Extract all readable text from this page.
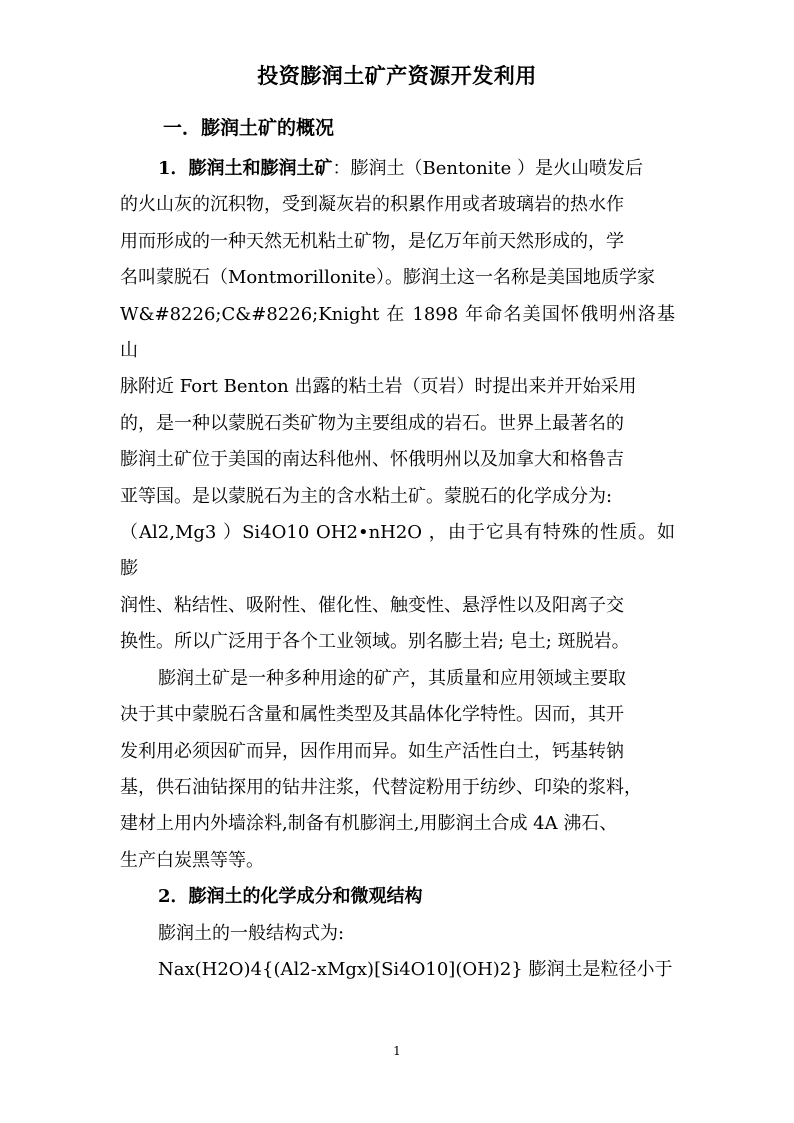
投资膨润土矿产资源开发利用
一．膨润土矿的概况

1．膨润土和膨润土矿：膨润土（Bentonite ）是火山喷发后
的火山灰的沉积物，受到凝灰岩的积累作用或者玻璃岩的热水作
用而形成的一种天然无机粘土矿物，是亿万年前天然形成的，学
名叫蒙脱石（Montmorillonite）。膨润土这一名称是美国地质学家
W&#8226;C&#8226;Knight 在 1898 年命名美国怀俄明州洛基山
脉附近 Fort Benton 出露的粘土岩（页岩）时提出来并开始采用
的，是一种以蒙脱石类矿物为主要组成的岩石。世界上最著名的
膨润土矿位于美国的南达科他州、怀俄明州以及加拿大和格鲁吉
亚等国。是以蒙脱石为主的含水粘土矿。蒙脱石的化学成分为:
（Al2,Mg3 ）Si4O10 OH2•nH2O ，由于它具有特殊的性质。如膨
润性、粘结性、吸附性、催化性、触变性、悬浮性以及阳离子交
换性。所以广泛用于各个工业领域。别名膨土岩; 皂土; 斑脱岩。

膨润土矿是一种多种用途的矿产，其质量和应用领域主要取
决于其中蒙脱石含量和属性类型及其晶体化学特性。因而，其开
发利用必须因矿而异，因作用而异。如生产活性白土，钙基转钠
基，供石油钻探用的钻井注浆，代替淀粉用于纺纱、印染的浆料，
建材上用内外墙涂料,制备有机膨润土,用膨润土合成 4A 沸石、
生产白炭黑等等。

2．膨润土的化学成分和微观结构

膨润土的一般结构式为:

Nax(H2O)4{(Al2-xMgx)[Si4O10](OH)2} 膨润土是粒径小于

1
